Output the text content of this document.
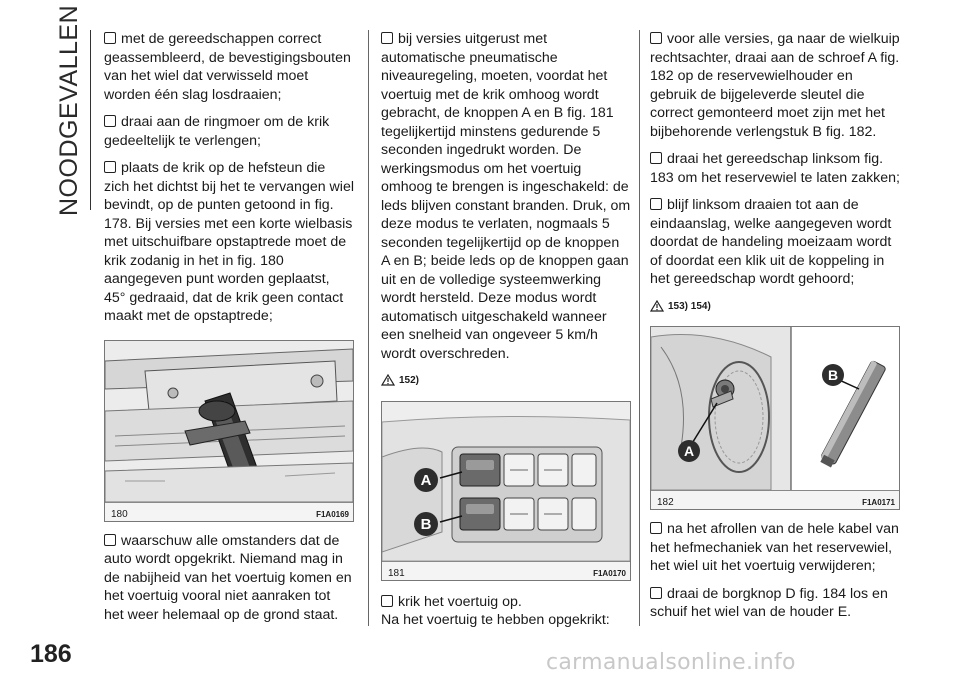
NOODGEVALLEN	met de gereedschappen correct geassembleerd, de bevestigingsbouten van het wiel dat verwisseld moet worden één slag losdraaien;

draai aan de ringmoer om de krik gedeeltelijk te verlengen;

plaats de krik op de hefsteun die zich het dichtst bij het te vervangen wiel bevindt, op de punten getoond in fig. 178. Bij versies met een korte wielbasis met uitschuifbare opstaptrede moet de krik zodanig in het in fig. 180 aangegeven punt worden geplaatst, 45° gedraaid, dat de krik geen contact maakt met de opstaptrede;

180	F1A0169

waarschuw alle omstanders dat de auto wordt opgekrikt. Niemand mag in de nabijheid van het voertuig komen en het voertuig vooral niet aanraken tot het weer helemaal op de grond staat.

bij versies uitgerust met automatische pneumatische niveauregeling, moeten, voordat het voertuig met de krik omhoog wordt gebracht, de knoppen A en B fig. 181 tegelijkertijd minstens gedurende 5 seconden ingedrukt worden. De werkingsmodus om het voertuig omhoog te brengen is ingeschakeld: de leds blijven constant branden. Druk, om deze modus te verlaten, nogmaals 5 seconden tegelijkertijd op de knoppen A en B; beide leds op de knoppen gaan uit en de volledige systeemwerking wordt hersteld. Deze modus wordt automatisch uitgeschakeld wanneer een snelheid van ongeveer 5 km/h wordt overschreden.

152)
A
B
181	F1A0170

krik het voertuig op.

Na het voertuig te hebben opgekrikt:

voor alle versies, ga naar de wielkuip rechtsachter, draai aan de schroef A fig. 182 op de reservewielhouder en gebruik de bijgeleverde sleutel die correct gemonteerd moet zijn met het bijbehorende verlengstuk B fig. 182.

draai het gereedschap linksom fig. 183 om het reservewiel te laten zakken;

blijf linksom draaien tot aan de eindaanslag, welke aangegeven wordt doordat de handeling moeizaam wordt of doordat een klik uit de koppeling in het gereedschap wordt gehoord;

153) 154)
A
B
182	F1A0171

na het afrollen van de hele kabel van het hefmechaniek van het reservewiel, het wiel uit het voertuig verwijderen;

draai de borgknop D fig. 184 los en schuif het wiel van de houder E.

186	carmanualsonline.info
